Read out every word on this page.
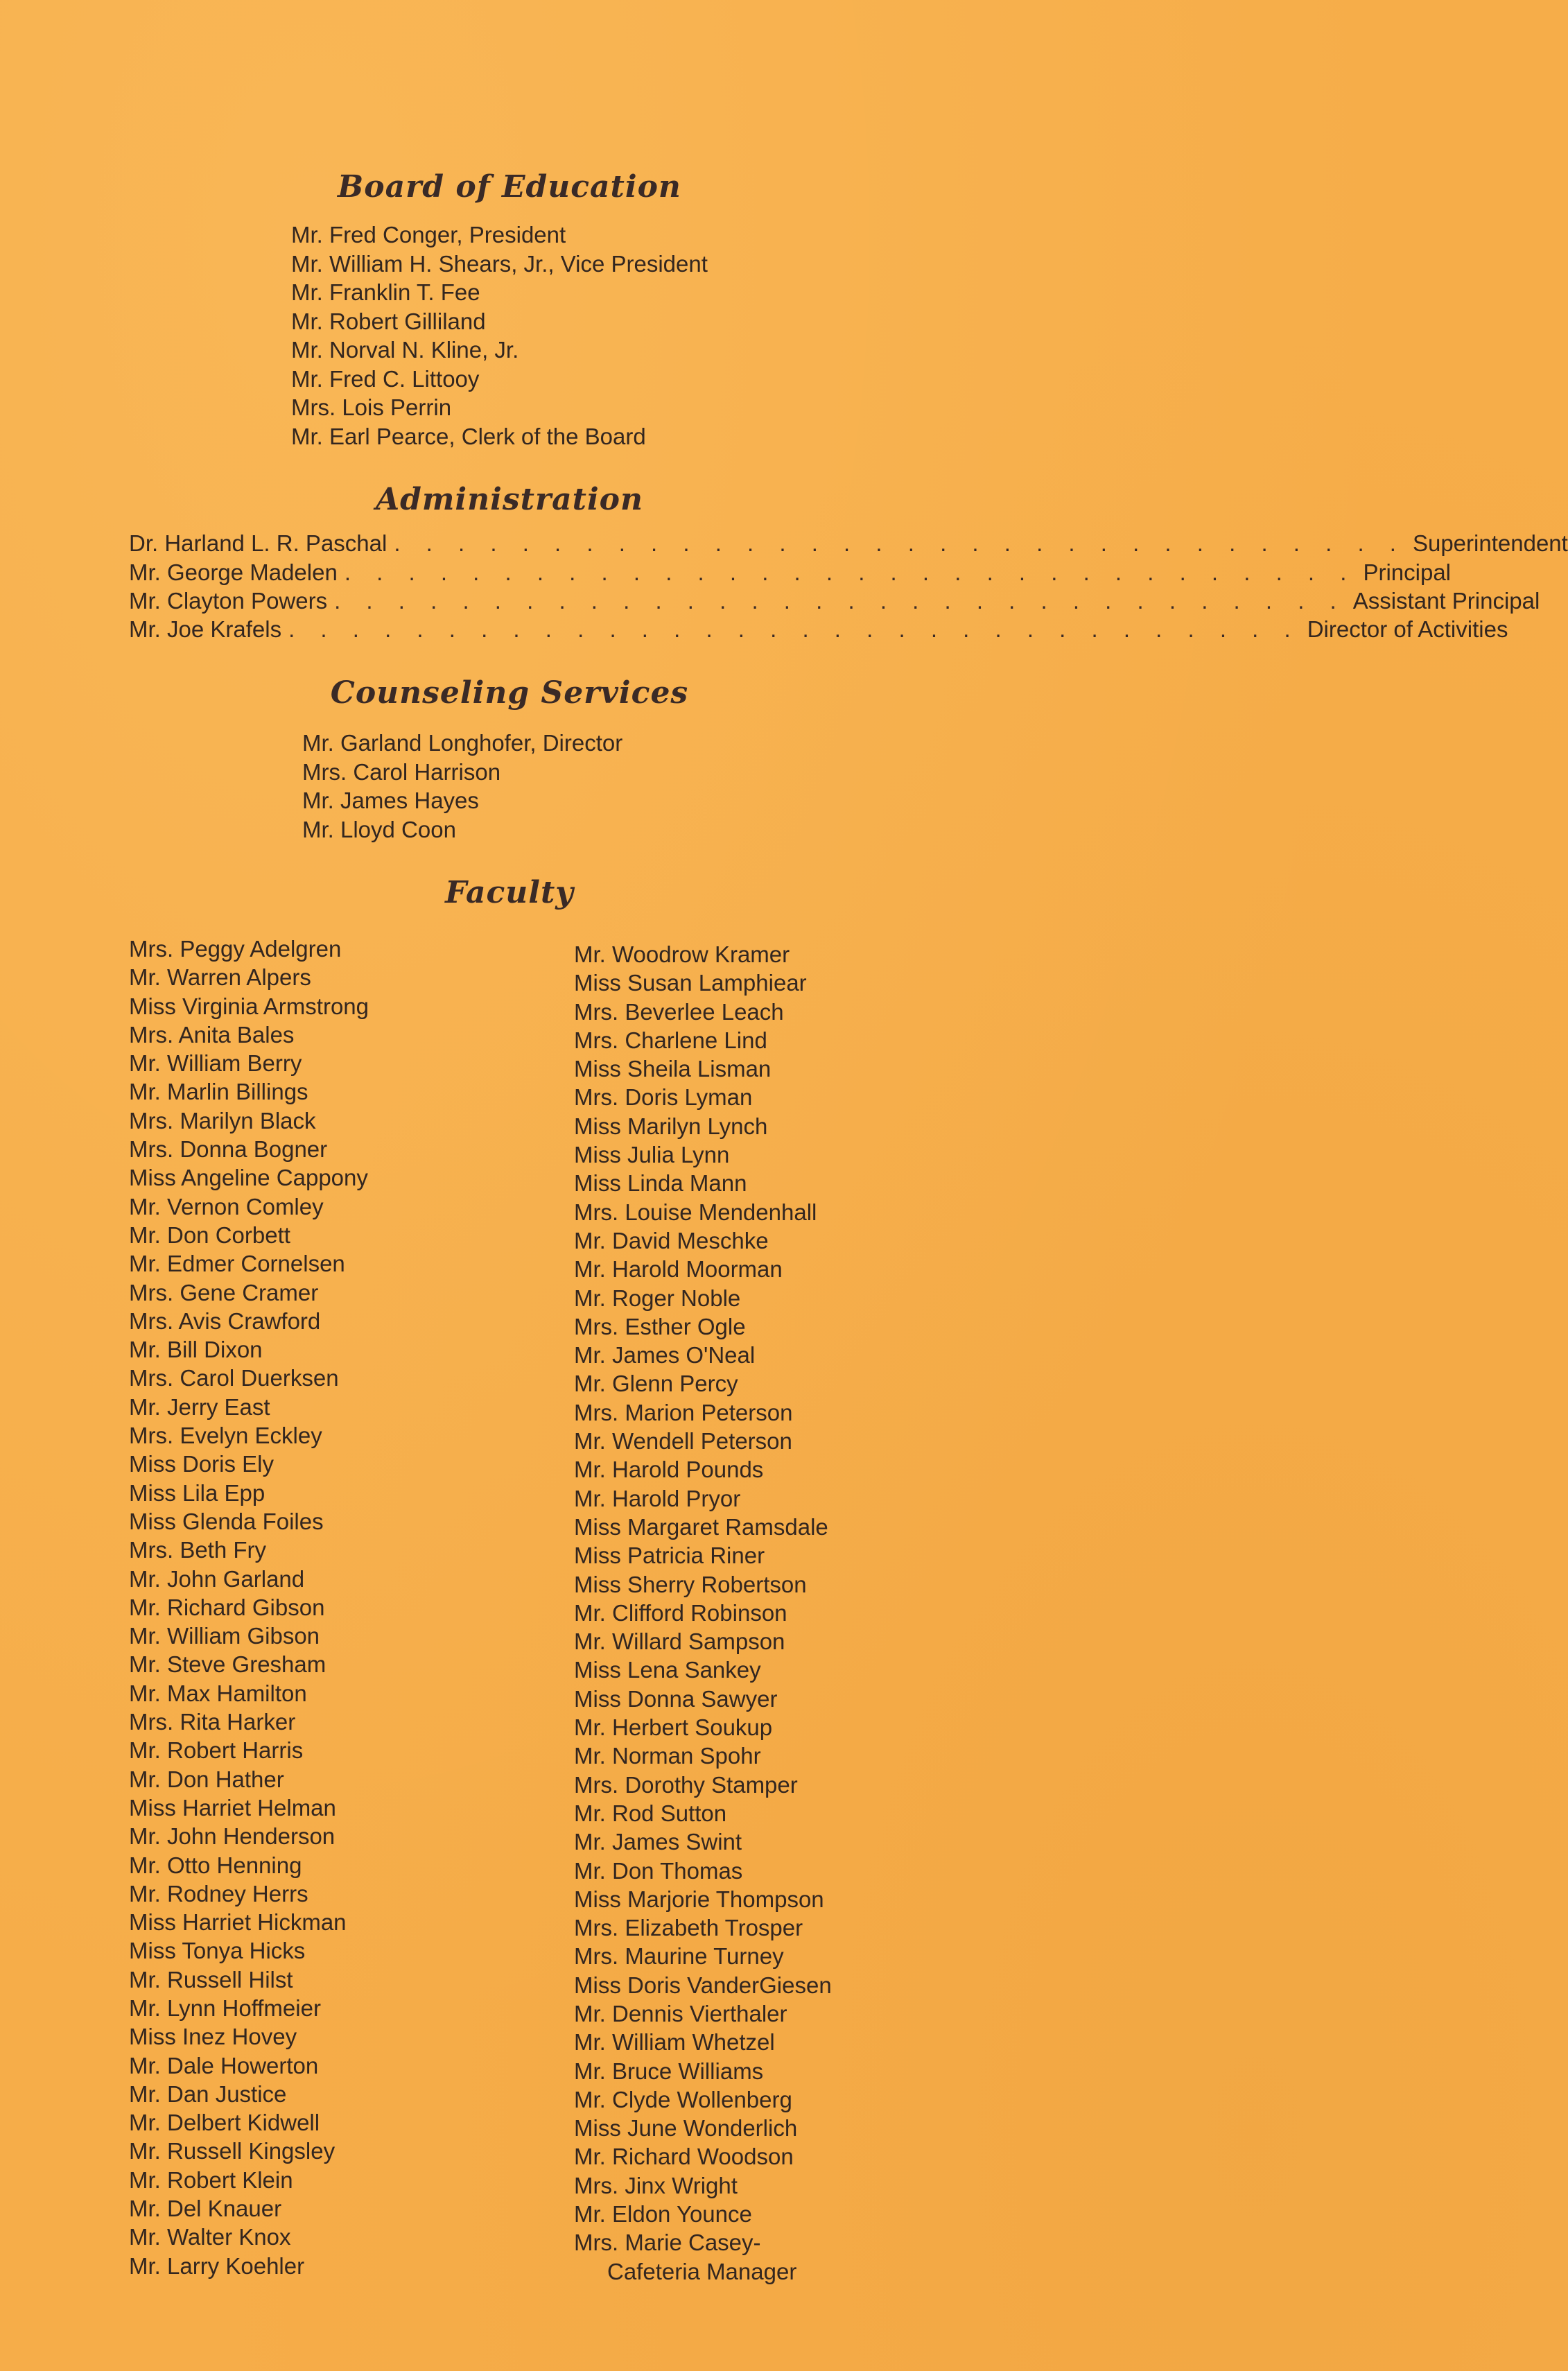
Board of Education
Mr. Fred Conger, President
Mr. William H. Shears, Jr., Vice President
Mr. Franklin T. Fee
Mr. Robert Gilliland
Mr. Norval N. Kline, Jr.
Mr. Fred C. Littooy
Mrs. Lois Perrin
Mr. Earl Pearce, Clerk of the Board
Administration
Dr. Harland L. R. Paschal . . . . . . . . . . . . . . . . . . . . . . . . . . . . . . . . Superintendent
Mr. George Madelen . . . . . . . . . . . . . . . . . . . . . . . . . . . . . . . . Principal
Mr. Clayton Powers . . . . . . . . . . . . . . . . . . . . . . . . . . . . . . . . Assistant Principal
Mr. Joe Krafels . . . . . . . . . . . . . . . . . . . . . . . . . . . . . . . . Director of Activities
Counseling Services
Mr. Garland Longhofer, Director
Mrs. Carol Harrison
Mr. James Hayes
Mr. Lloyd Coon
Faculty
Mrs. Peggy Adelgren
Mr. Warren Alpers
Miss Virginia Armstrong
Mrs. Anita Bales
Mr. William Berry
Mr. Marlin Billings
Mrs. Marilyn Black
Mrs. Donna Bogner
Miss Angeline Cappony
Mr. Vernon Comley
Mr. Don Corbett
Mr. Edmer Cornelsen
Mrs. Gene Cramer
Mrs. Avis Crawford
Mr. Bill Dixon
Mrs. Carol Duerksen
Mr. Jerry East
Mrs. Evelyn Eckley
Miss Doris Ely
Miss Lila Epp
Miss Glenda Foiles
Mrs. Beth Fry
Mr. John Garland
Mr. Richard Gibson
Mr. William Gibson
Mr. Steve Gresham
Mr. Max Hamilton
Mrs. Rita Harker
Mr. Robert Harris
Mr. Don Hather
Miss Harriet Helman
Mr. John Henderson
Mr. Otto Henning
Mr. Rodney Herrs
Miss Harriet Hickman
Miss Tonya Hicks
Mr. Russell Hilst
Mr. Lynn Hoffmeier
Miss Inez Hovey
Mr. Dale Howerton
Mr. Dan Justice
Mr. Delbert Kidwell
Mr. Russell Kingsley
Mr. Robert Klein
Mr. Del Knauer
Mr. Walter Knox
Mr. Larry Koehler
Mr. Woodrow Kramer
Miss Susan Lamphiear
Mrs. Beverlee Leach
Mrs. Charlene Lind
Miss Sheila Lisman
Mrs. Doris Lyman
Miss Marilyn Lynch
Miss Julia Lynn
Miss Linda Mann
Mrs. Louise Mendenhall
Mr. David Meschke
Mr. Harold Moorman
Mr. Roger Noble
Mrs. Esther Ogle
Mr. James O'Neal
Mr. Glenn Percy
Mrs. Marion Peterson
Mr. Wendell Peterson
Mr. Harold Pounds
Mr. Harold Pryor
Miss Margaret Ramsdale
Miss Patricia Riner
Miss Sherry Robertson
Mr. Clifford Robinson
Mr. Willard Sampson
Miss Lena Sankey
Miss Donna Sawyer
Mr. Herbert Soukup
Mr. Norman Spohr
Mrs. Dorothy Stamper
Mr. Rod Sutton
Mr. James Swint
Mr. Don Thomas
Miss Marjorie Thompson
Mrs. Elizabeth Trosper
Mrs. Maurine Turney
Miss Doris VanderGiesen
Mr. Dennis Vierthaler
Mr. William Whetzel
Mr. Bruce Williams
Mr. Clyde Wollenberg
Miss June Wonderlich
Mr. Richard Woodson
Mrs. Jinx Wright
Mr. Eldon Younce
Mrs. Marie Casey-
Cafeteria Manager
